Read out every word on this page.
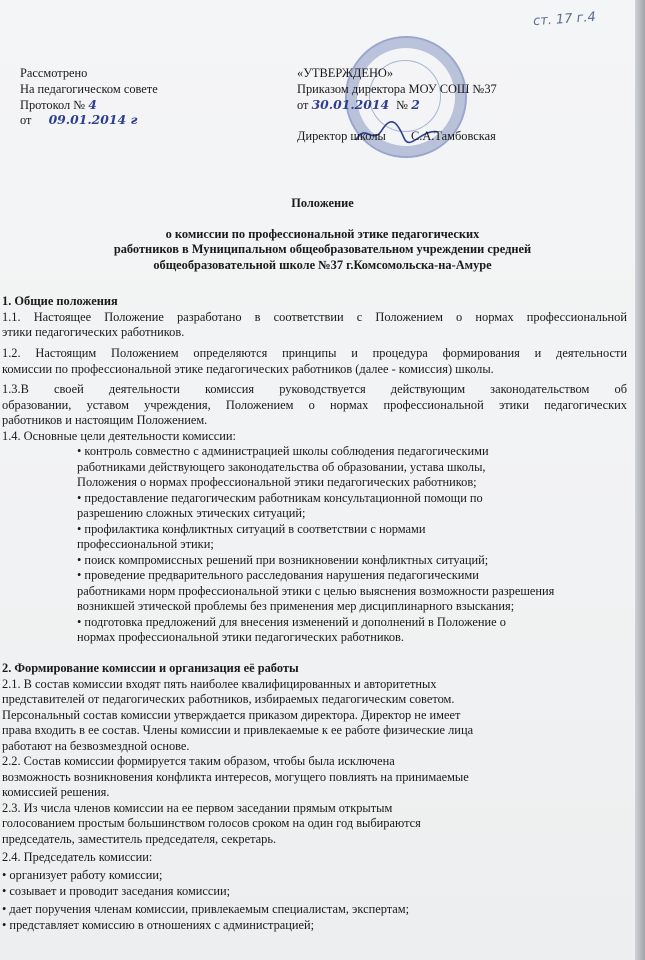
ст. 17 г.4
Рассмотрено
На педагогическом совете
Протокол № 4
от 09.01.2014 г
«УТВЕРЖДЕНО»
Приказом директора МОУ СОШ №37
от 30.01.2014 № 2
Директор школы С.А.Тамбовская
Положение
о комиссии по профессиональной этике педагогических
работников в Муниципальном общеобразовательном учреждении средней
общеобразовательной школе №37 г.Комсомольска-на-Амуре
1. Общие положения
1.1. Настоящее Положение разработано в соответствии с Положением о нормах профессиональной
этики педагогических работников.
1.2. Настоящим Положением определяются принципы и процедура формирования и деятельности
комиссии по профессиональной этике педагогических работников (далее - комиссия) школы.
1.3.В своей деятельности комиссия руководствуется действующим законодательством об
образовании, уставом учреждения, Положением о нормах профессиональной этики педагогических
работников и настоящим Положением.
1.4. Основные цели деятельности комиссии:
• контроль совместно с администрацией школы соблюдения педагогическими
работниками действующего законодательства об образовании, устава школы,
Положения о нормах профессиональной этики педагогических работников;
• предоставление педагогическим работникам консультационной помощи по
разрешению сложных этических ситуаций;
• профилактика конфликтных ситуаций в соответствии с нормами
профессиональной этики;
• поиск компромиссных решений при возникновении конфликтных ситуаций;
• проведение предварительного расследования нарушения педагогическими
работниками норм профессиональной этики с целью выяснения возможности разрешения
возникшей этической проблемы без применения мер дисциплинарного взыскания;
• подготовка предложений для внесения изменений и дополнений в Положение о
нормах профессиональной этики педагогических работников.
2. Формирование комиссии и организация её работы
2.1. В состав комиссии входят пять наиболее квалифицированных и авторитетных
представителей от педагогических работников, избираемых педагогическим советом.
Персональный состав комиссии утверждается приказом директора. Директор не имеет
права входить в ее состав. Члены комиссии и привлекаемые к ее работе физические лица
работают на безвозмездной основе.
2.2. Состав комиссии формируется таким образом, чтобы была исключена
возможность возникновения конфликта интересов, могущего повлиять на принимаемые
комиссией решения.
2.3. Из числа членов комиссии на ее первом заседании прямым открытым
голосованием простым большинством голосов сроком на один год выбираются
председатель, заместитель председателя, секретарь.
2.4. Председатель комиссии:
• организует работу комиссии;
• созывает и проводит заседания комиссии;
• дает поручения членам комиссии, привлекаемым специалистам, экспертам;
• представляет комиссию в отношениях с администрацией;
